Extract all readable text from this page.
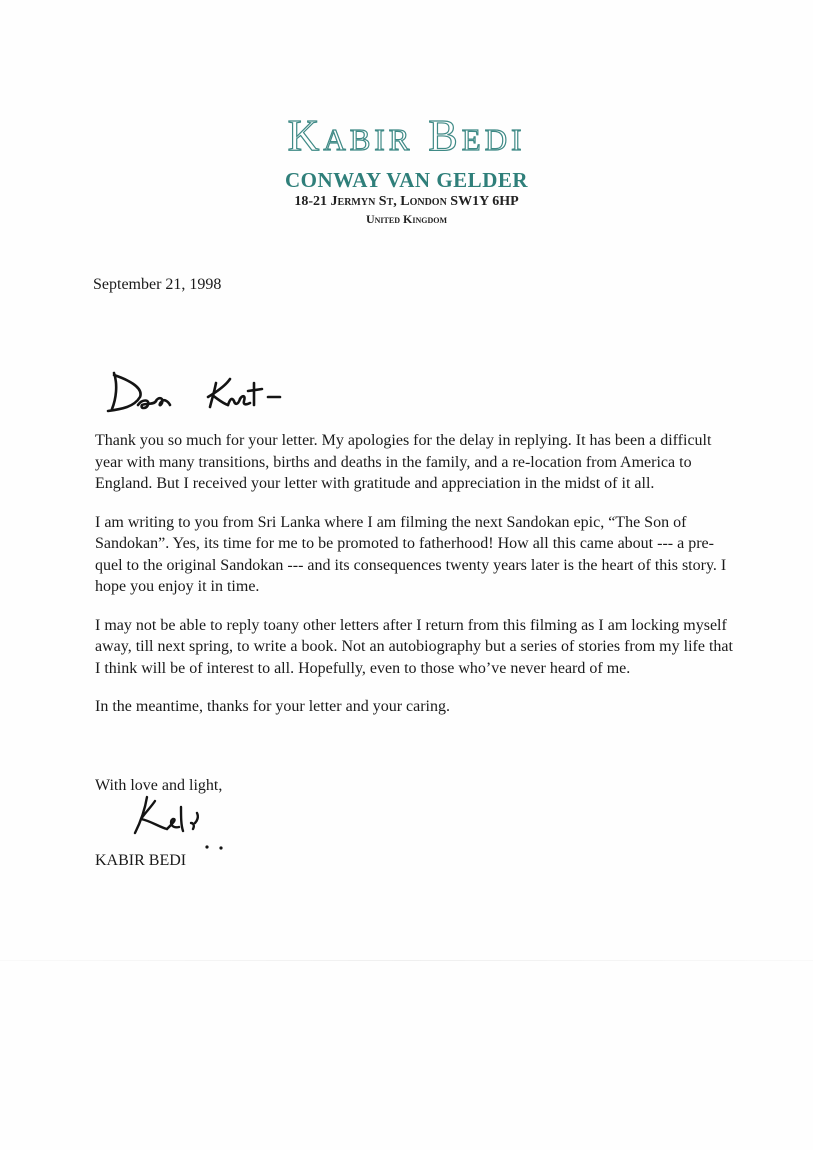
Kabir Bedi
CONWAY VAN GELDER
18-21 Jermyn St, London SW1Y 6HP
United Kingdom
September 21, 1998

Thank you so much for your letter. My apologies for the delay in replying. It has been a difficult year with many transitions, births and deaths in the family, and a re-location from America to England. But I received your letter with gratitude and appreciation in the midst of it all.

I am writing to you from Sri Lanka where I am filming the next Sandokan epic, “The Son of Sandokan”. Yes, its time for me to be promoted to fatherhood! How all this came about --- a pre-quel to the original Sandokan --- and its consequences twenty years later is the heart of this story. I hope you enjoy it in time.

I may not be able to reply toany other letters after I return from this filming as I am locking myself away, till next spring, to write a book. Not an autobiography but a series of stories from my life that I think will be of interest to all. Hopefully, even to those who’ve never heard of me.

In the meantime, thanks for your letter and your caring.

With love and light,
KABIR BEDI
